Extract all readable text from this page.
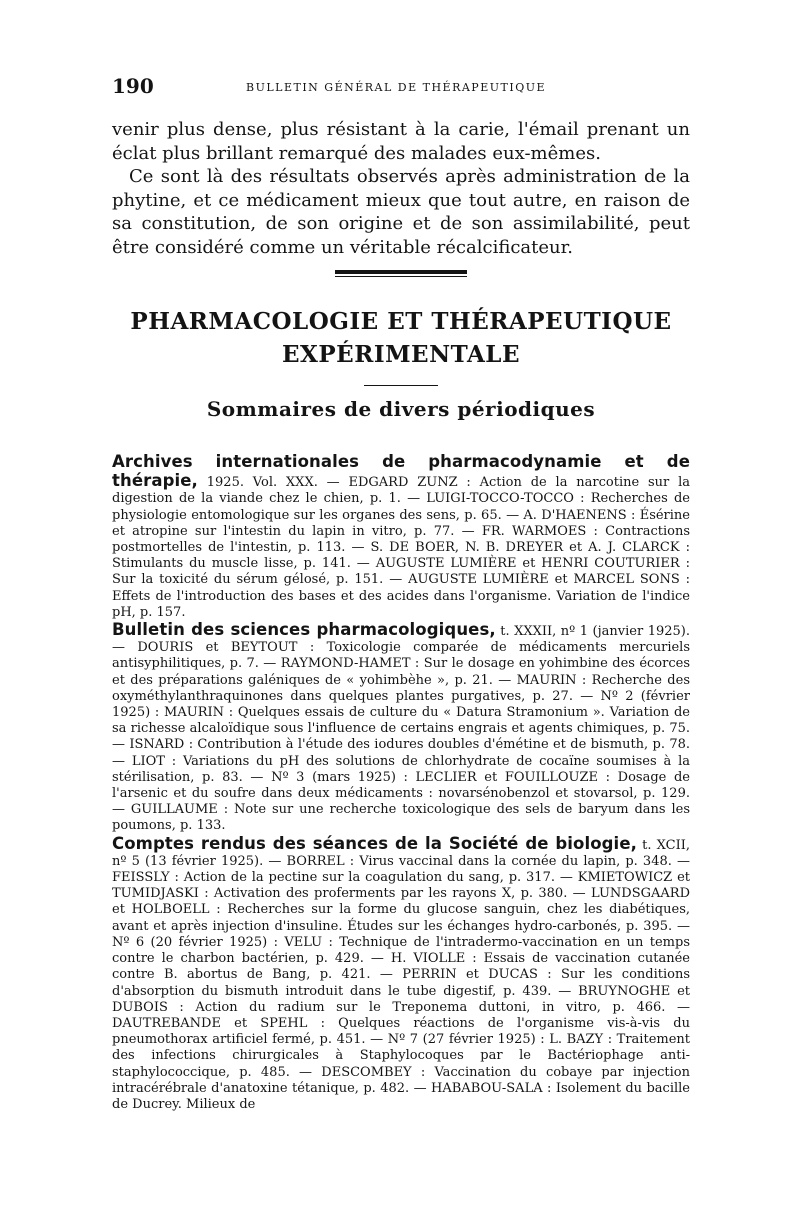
190	BULLETIN GÉNÉRAL DE THÉRAPEUTIQUE

venir plus dense, plus résistant à la carie, l'émail prenant un éclat plus brillant remarqué des malades eux-mêmes.

Ce sont là des résultats observés après administration de la phytine, et ce médicament mieux que tout autre, en raison de sa constitution, de son origine et de son assimilabilité, peut être considéré comme un véritable récalcificateur.

PHARMACOLOGIE ET THÉRAPEUTIQUE
EXPÉRIMENTALE
Sommaires de divers périodiques
Archives internationales de pharmacodynamie et de thérapie, 1925. Vol. XXX. — EDGARD ZUNZ : Action de la narcotine sur la digestion de la viande chez le chien, p. 1. — LUIGI-TOCCO-TOCCO : Recherches de physiologie entomologique sur les organes des sens, p. 65. — A. D'HAENENS : Ésérine et atropine sur l'intestin du lapin in vitro, p. 77. — FR. WARMOES : Contractions postmortelles de l'intestin, p. 113. — S. DE BOER, N. B. DREYER et A. J. CLARCK : Stimulants du muscle lisse, p. 141. — AUGUSTE LUMIÈRE et HENRI COUTURIER : Sur la toxicité du sérum gélosé, p. 151. — AUGUSTE LUMIÈRE et MARCEL SONS : Effets de l'introduction des bases et des acides dans l'organisme. Variation de l'indice pH, p. 157.
Bulletin des sciences pharmacologiques, t. XXXII, nº 1 (janvier 1925). — DOURIS et BEYTOUT : Toxicologie comparée de médicaments mercuriels antisyphilitiques, p. 7. — RAYMOND-HAMET : Sur le dosage en yohimbine des écorces et des préparations galéniques de « yohimbèhe », p. 21. — MAURIN : Recherche des oxyméthylanthraquinones dans quelques plantes purgatives, p. 27. — Nº 2 (février 1925) : MAURIN : Quelques essais de culture du « Datura Stramonium ». Variation de sa richesse alcaloïdique sous l'influence de certains engrais et agents chimiques, p. 75. — ISNARD : Contribution à l'étude des iodures doubles d'émétine et de bismuth, p. 78. — LIOT : Variations du pH des solutions de chlorhydrate de cocaïne soumises à la stérilisation, p. 83. — Nº 3 (mars 1925) : LECLIER et FOUILLOUZE : Dosage de l'arsenic et du soufre dans deux médicaments : novarsénobenzol et stovarsol, p. 129. — GUILLAUME : Note sur une recherche toxicologique des sels de baryum dans les poumons, p. 133.
Comptes rendus des séances de la Société de biologie, t. XCII, nº 5 (13 février 1925). — BORREL : Virus vaccinal dans la cornée du lapin, p. 348. — FEISSLY : Action de la pectine sur la coagulation du sang, p. 317. — KMIETOWICZ et TUMIDJASKI : Activation des proferments par les rayons X, p. 380. — LUNDSGAARD et HOLBOELL : Recherches sur la forme du glucose sanguin, chez les diabétiques, avant et après injection d'insuline. Études sur les échanges hydro-carbonés, p. 395. — Nº 6 (20 février 1925) : VELU : Technique de l'intradermo-vaccination en un temps contre le charbon bactérien, p. 429. — H. VIOLLE : Essais de vaccination cutanée contre B. abortus de Bang, p. 421. — PERRIN et DUCAS : Sur les conditions d'absorption du bismuth introduit dans le tube digestif, p. 439. — BRUYNOGHE et DUBOIS : Action du radium sur le Treponema duttoni, in vitro, p. 466. — DAUTREBANDE et SPEHL : Quelques réactions de l'organisme vis-à-vis du pneumothorax artificiel fermé, p. 451. — Nº 7 (27 février 1925) : L. BAZY : Traitement des infections chirurgicales à Staphylocoques par le Bactériophage anti-staphylococcique, p. 485. — DESCOMBEY : Vaccination du cobaye par injection intracérébrale d'anatoxine tétanique, p. 482. — HABABOU-SALA : Isolement du bacille de Ducrey. Milieux de
